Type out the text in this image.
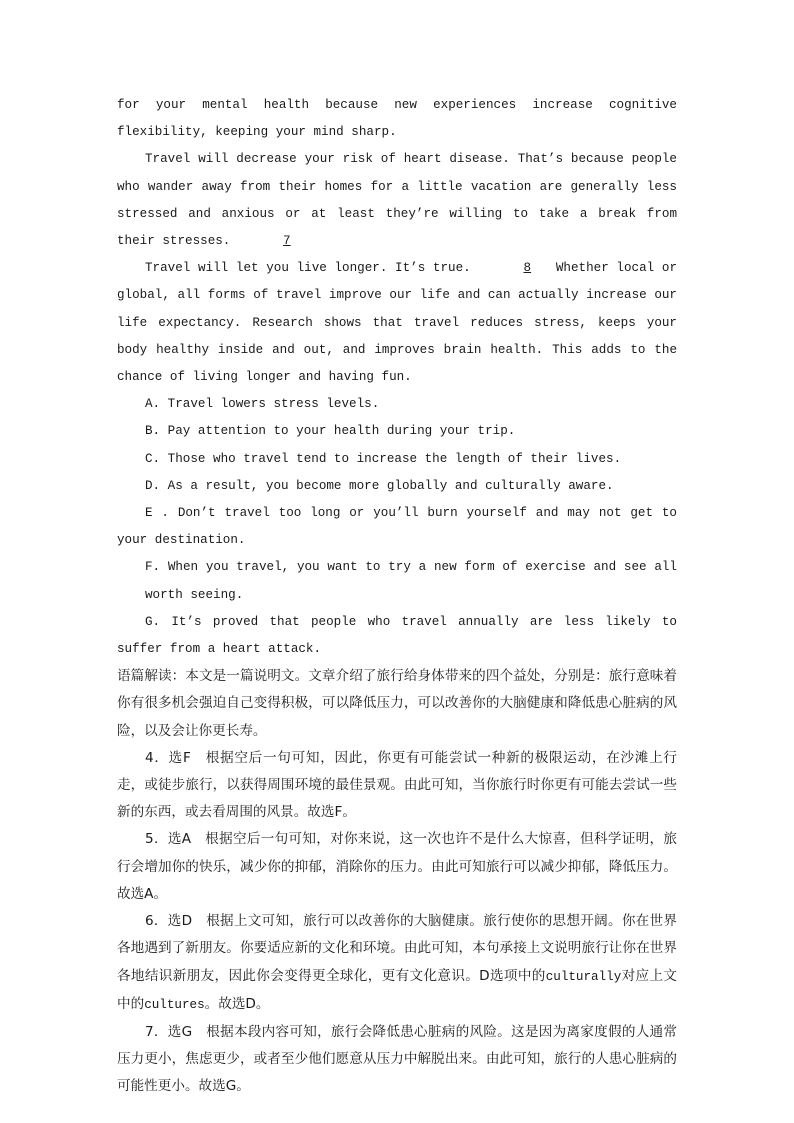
for your mental health because new experiences increase cognitive flexibility, keeping your mind sharp.

Travel will decrease your risk of heart disease. That’s because people who wander away from their homes for a little vacation are generally less stressed and anxious or at least they’re willing to take a break from their stresses.	7

Travel will let you live longer. It’s true.	8   Whether local or global, all forms of travel improve our life and can actually increase our life expectancy. Research shows that travel reduces stress, keeps your body healthy inside and out, and improves brain health. This adds to the chance of living longer and having fun.

A. Travel lowers stress levels.

B. Pay attention to your health during your trip.

C. Those who travel tend to increase the length of their lives.

D. As a result, you become more globally and culturally aware.

E . Don’t travel too long or you’ll burn yourself and may not get to your destination.

F. When you travel, you want to try a new form of exercise and see all worth seeing.

G. It’s proved that people who travel annually are less likely to suffer from a heart attack.

语篇解读：本文是一篇说明文。文章介绍了旅行给身体带来的四个益处，分别是：旅行意味着你有很多机会强迫自己变得积极，可以降低压力，可以改善你的大脑健康和降低患心脏病的风险，以及会让你更长寿。

4．选F　根据空后一句可知，因此，你更有可能尝试一种新的极限运动，在沙滩上行走，或徒步旅行，以获得周围环境的最佳景观。由此可知，当你旅行时你更有可能去尝试一些新的东西，或去看周围的风景。故选F。

5．选A　根据空后一句可知，对你来说，这一次也许不是什么大惊喜，但科学证明，旅行会增加你的快乐，减少你的抑郁，消除你的压力。由此可知旅行可以减少抑郁，降低压力。故选A。

6．选D　根据上文可知，旅行可以改善你的大脑健康。旅行使你的思想开阔。你在世界各地遇到了新朋友。你要适应新的文化和环境。由此可知，本句承接上文说明旅行让你在世界各地结识新朋友，因此你会变得更全球化，更有文化意识。D选项中的culturally对应上文中的cultures。故选D。

7．选G　根据本段内容可知，旅行会降低患心脏病的风险。这是因为离家度假的人通常压力更小，焦虑更少，或者至少他们愿意从压力中解脱出来。由此可知，旅行的人患心脏病的可能性更小。故选G。
